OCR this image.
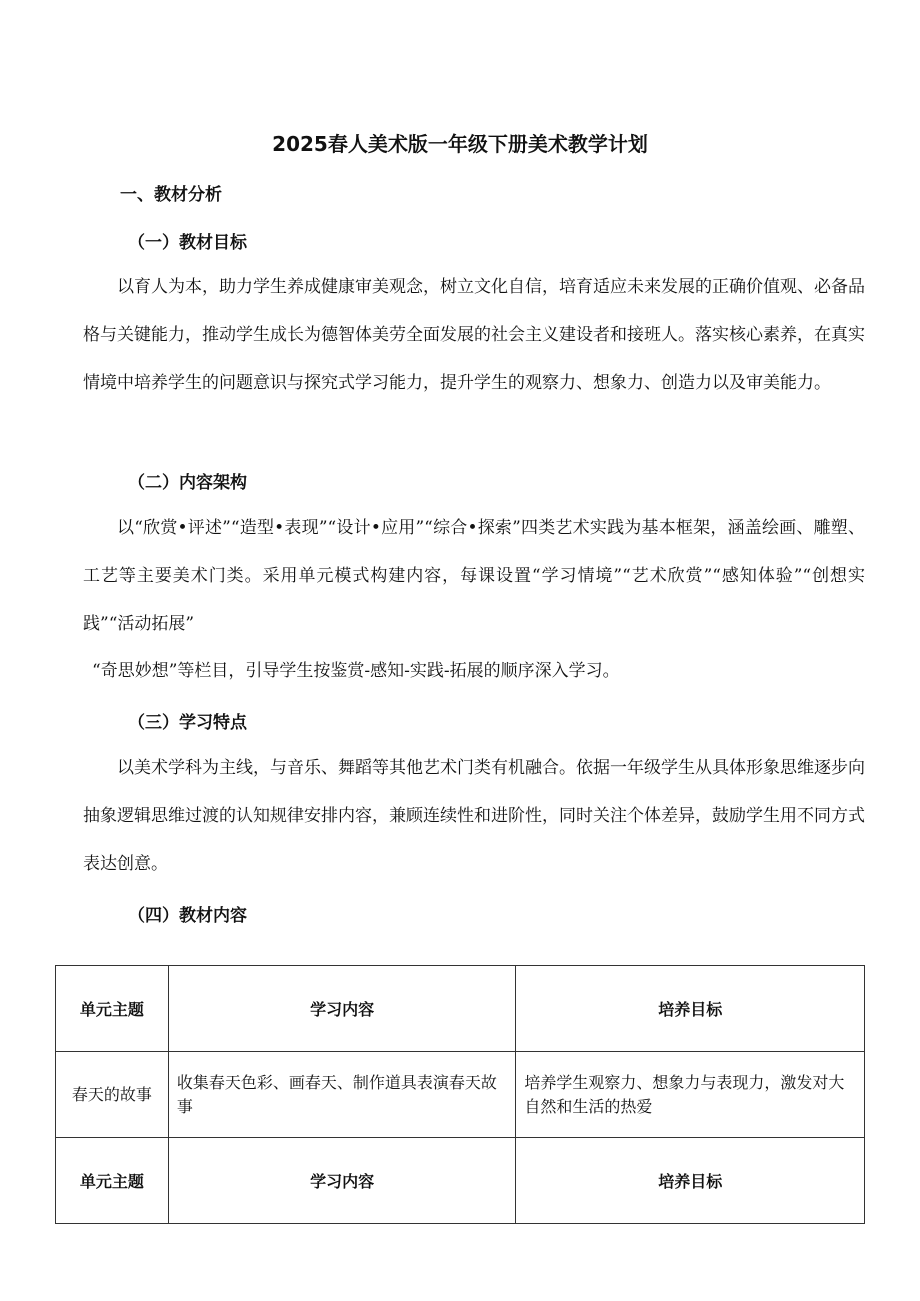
2025春人美术版一年级下册美术教学计划
一、教材分析
（一）教材目标

以育人为本，助力学生养成健康审美观念，树立文化自信，培育适应未来发展的正确价值观、必备品格与关键能力，推动学生成长为德智体美劳全面发展的社会主义建设者和接班人。落实核心素养，在真实情境中培养学生的问题意识与探究式学习能力，提升学生的观察力、想象力、创造力以及审美能力。

（二）内容架构

以“欣赏•评述”“造型•表现”“设计•应用”“综合•探索”四类艺术实践为基本框架，涵盖绘画、雕塑、工艺等主要美术门类。采用单元模式构建内容，每课设置“学习情境”“艺术欣赏”“感知体验”“创想实践”“活动拓展”

“奇思妙想”等栏目，引导学生按鉴赏-感知-实践-拓展的顺序深入学习。

（三）学习特点

以美术学科为主线，与音乐、舞蹈等其他艺术门类有机融合。依据一年级学生从具体形象思维逐步向抽象逻辑思维过渡的认知规律安排内容，兼顾连续性和进阶性，同时关注个体差异，鼓励学生用不同方式表达创意。

（四）教材内容
单元主题	学习内容	培养目标
春天的故事	收集春天色彩、画春天、制作道具表演春天故事	培养学生观察力、想象力与表现力，激发对大自然和生活的热爱
单元主题	学习内容	培养目标
